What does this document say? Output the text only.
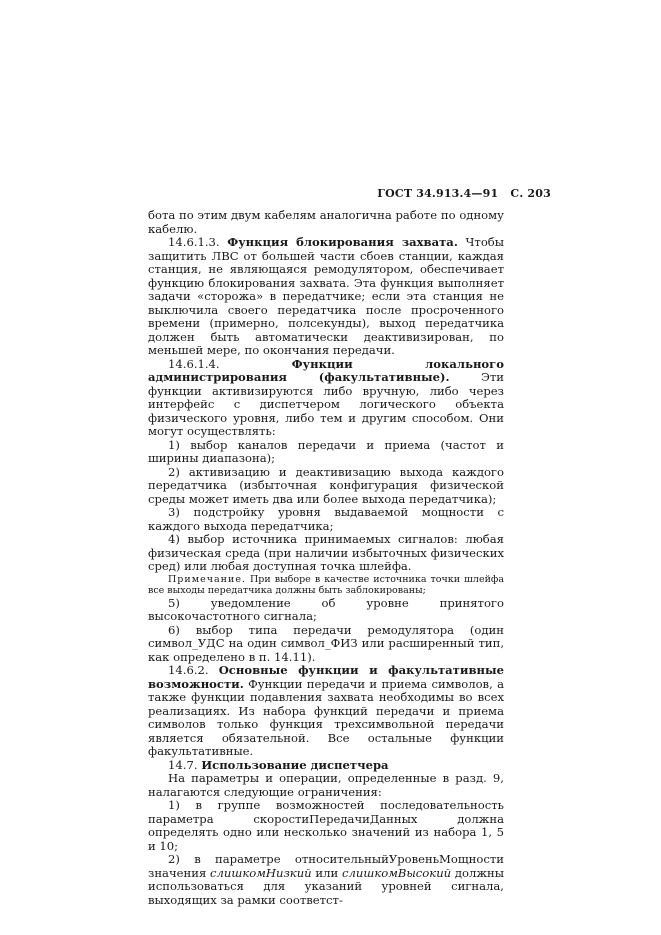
ГОСТ 34.913.4—91 С. 203

бота по этим двум кабелям аналогична работе по одному кабелю.

14.6.1.3. Функция блокирования захвата. Чтобы защитить ЛВС от большей части сбоев станции, каждая станция, не являющаяся ремодулятором, обеспечивает функцию блокирования захвата. Эта функция выполняет задачи «сторожа» в передатчике; если эта станция не выключила своего передатчика после просроченного времени (примерно, полсекунды), выход передатчика должен быть автоматически деактивизирован, по меньшей мере, по окончания передачи.

14.6.1.4.	Функции локального администрирования (факультативные).	Эти функции активизируются либо вручную, либо через интерфейс с диспетчером логического объекта физического уровня, либо тем и другим способом. Они могут осуществлять:

1) выбор каналов передачи и приема (частот и ширины диапазона);

2) активизацию и деактивизацию выхода каждого передатчика (избыточная конфигурация физической среды может иметь два или более выхода передатчика);

3) подстройку уровня выдаваемой мощности с каждого выхода передатчика;

4) выбор источника принимаемых сигналов: любая физическая среда (при наличии избыточных физических сред) или любая доступная точка шлейфа.

Примечание. При выборе в качестве источника точки шлейфа все выходы передатчика должны быть заблокированы;

5) уведомление об уровне принятого высокочастотного сигнала;

6) выбор типа передачи ремодулятора (один символ_УДС на один символ_ФИЗ или расширенный тип, как определено в п. 14.11).

14.6.2. Основные функции и факультативные возможности. Функции передачи и приема символов, а также функции подавления захвата необходимы во всех реализациях. Из набора функций передачи и приема символов только функция трехсимвольной передачи является обязательной. Все остальные функции факультативные.

14.7. Использование диспетчера

На параметры и операции, определенные в разд. 9, налагаются следующие ограничения:

1) в группе возможностей последовательность параметра скоростиПередачиДанных должна определять одно или несколько значений из набора 1, 5 и 10;

2) в параметре относительныйУровеньМощности значения слишкомНизкий или слишкомВысокий должны использоваться для указаний уровней сигнала, выходящих за рамки соответст-
